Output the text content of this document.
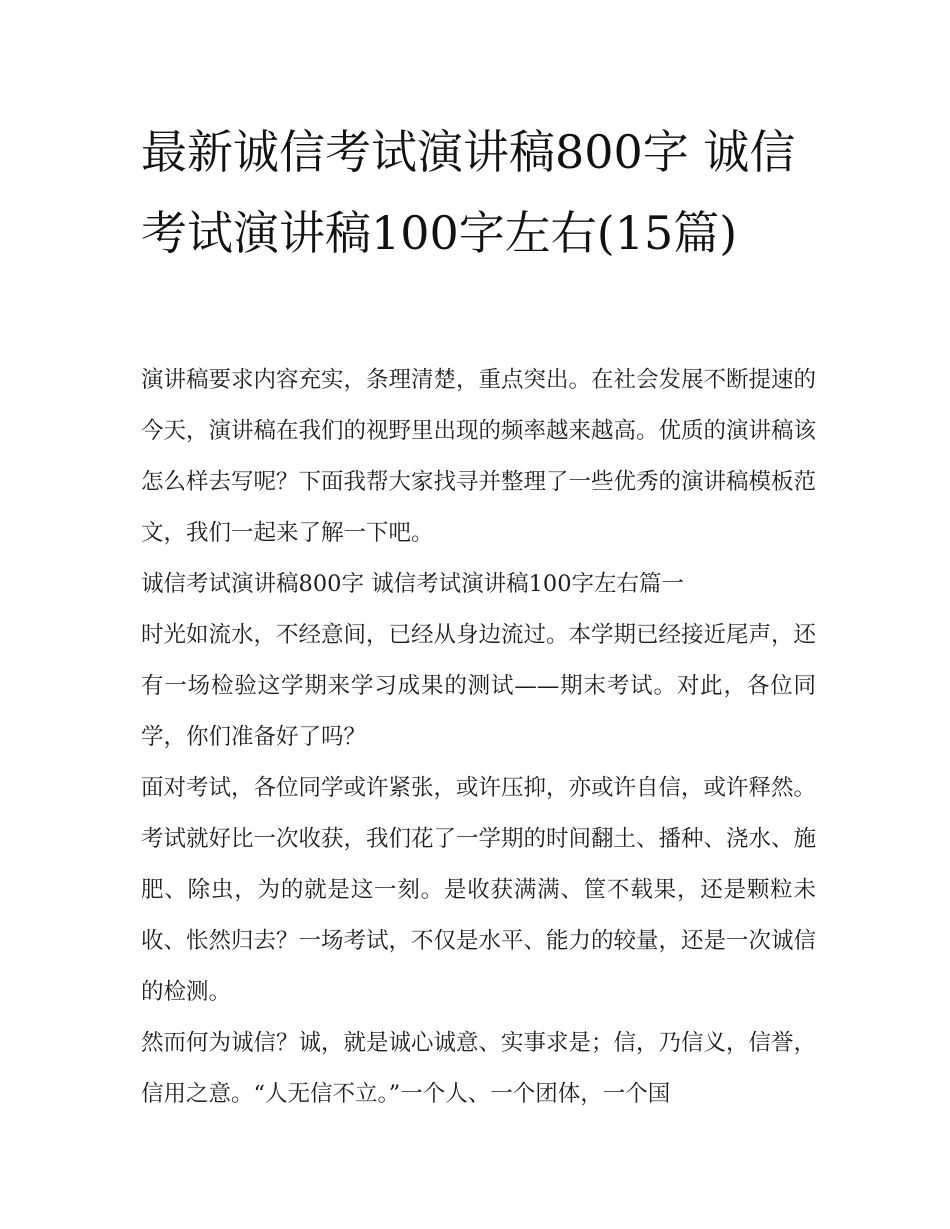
最新诚信考试演讲稿800字 诚信考试演讲稿100字左右(15篇)

演讲稿要求内容充实，条理清楚，重点突出。在社会发展不断提速的今天，演讲稿在我们的视野里出现的频率越来越高。优质的演讲稿该怎么样去写呢？下面我帮大家找寻并整理了一些优秀的演讲稿模板范文，我们一起来了解一下吧。

诚信考试演讲稿800字 诚信考试演讲稿100字左右篇一

时光如流水，不经意间，已经从身边流过。本学期已经接近尾声，还有一场检验这学期来学习成果的测试——期末考试。对此，各位同学，你们准备好了吗？

面对考试，各位同学或许紧张，或许压抑，亦或许自信，或许释然。考试就好比一次收获，我们花了一学期的时间翻土、播种、浇水、施肥、除虫，为的就是这一刻。是收获满满、筐不载果，还是颗粒未收、怅然归去？一场考试，不仅是水平、能力的较量，还是一次诚信的检测。

然而何为诚信？诚，就是诚心诚意、实事求是；信，乃信义，信誉，信用之意。“人无信不立。”一个人、一个团体，一个国
